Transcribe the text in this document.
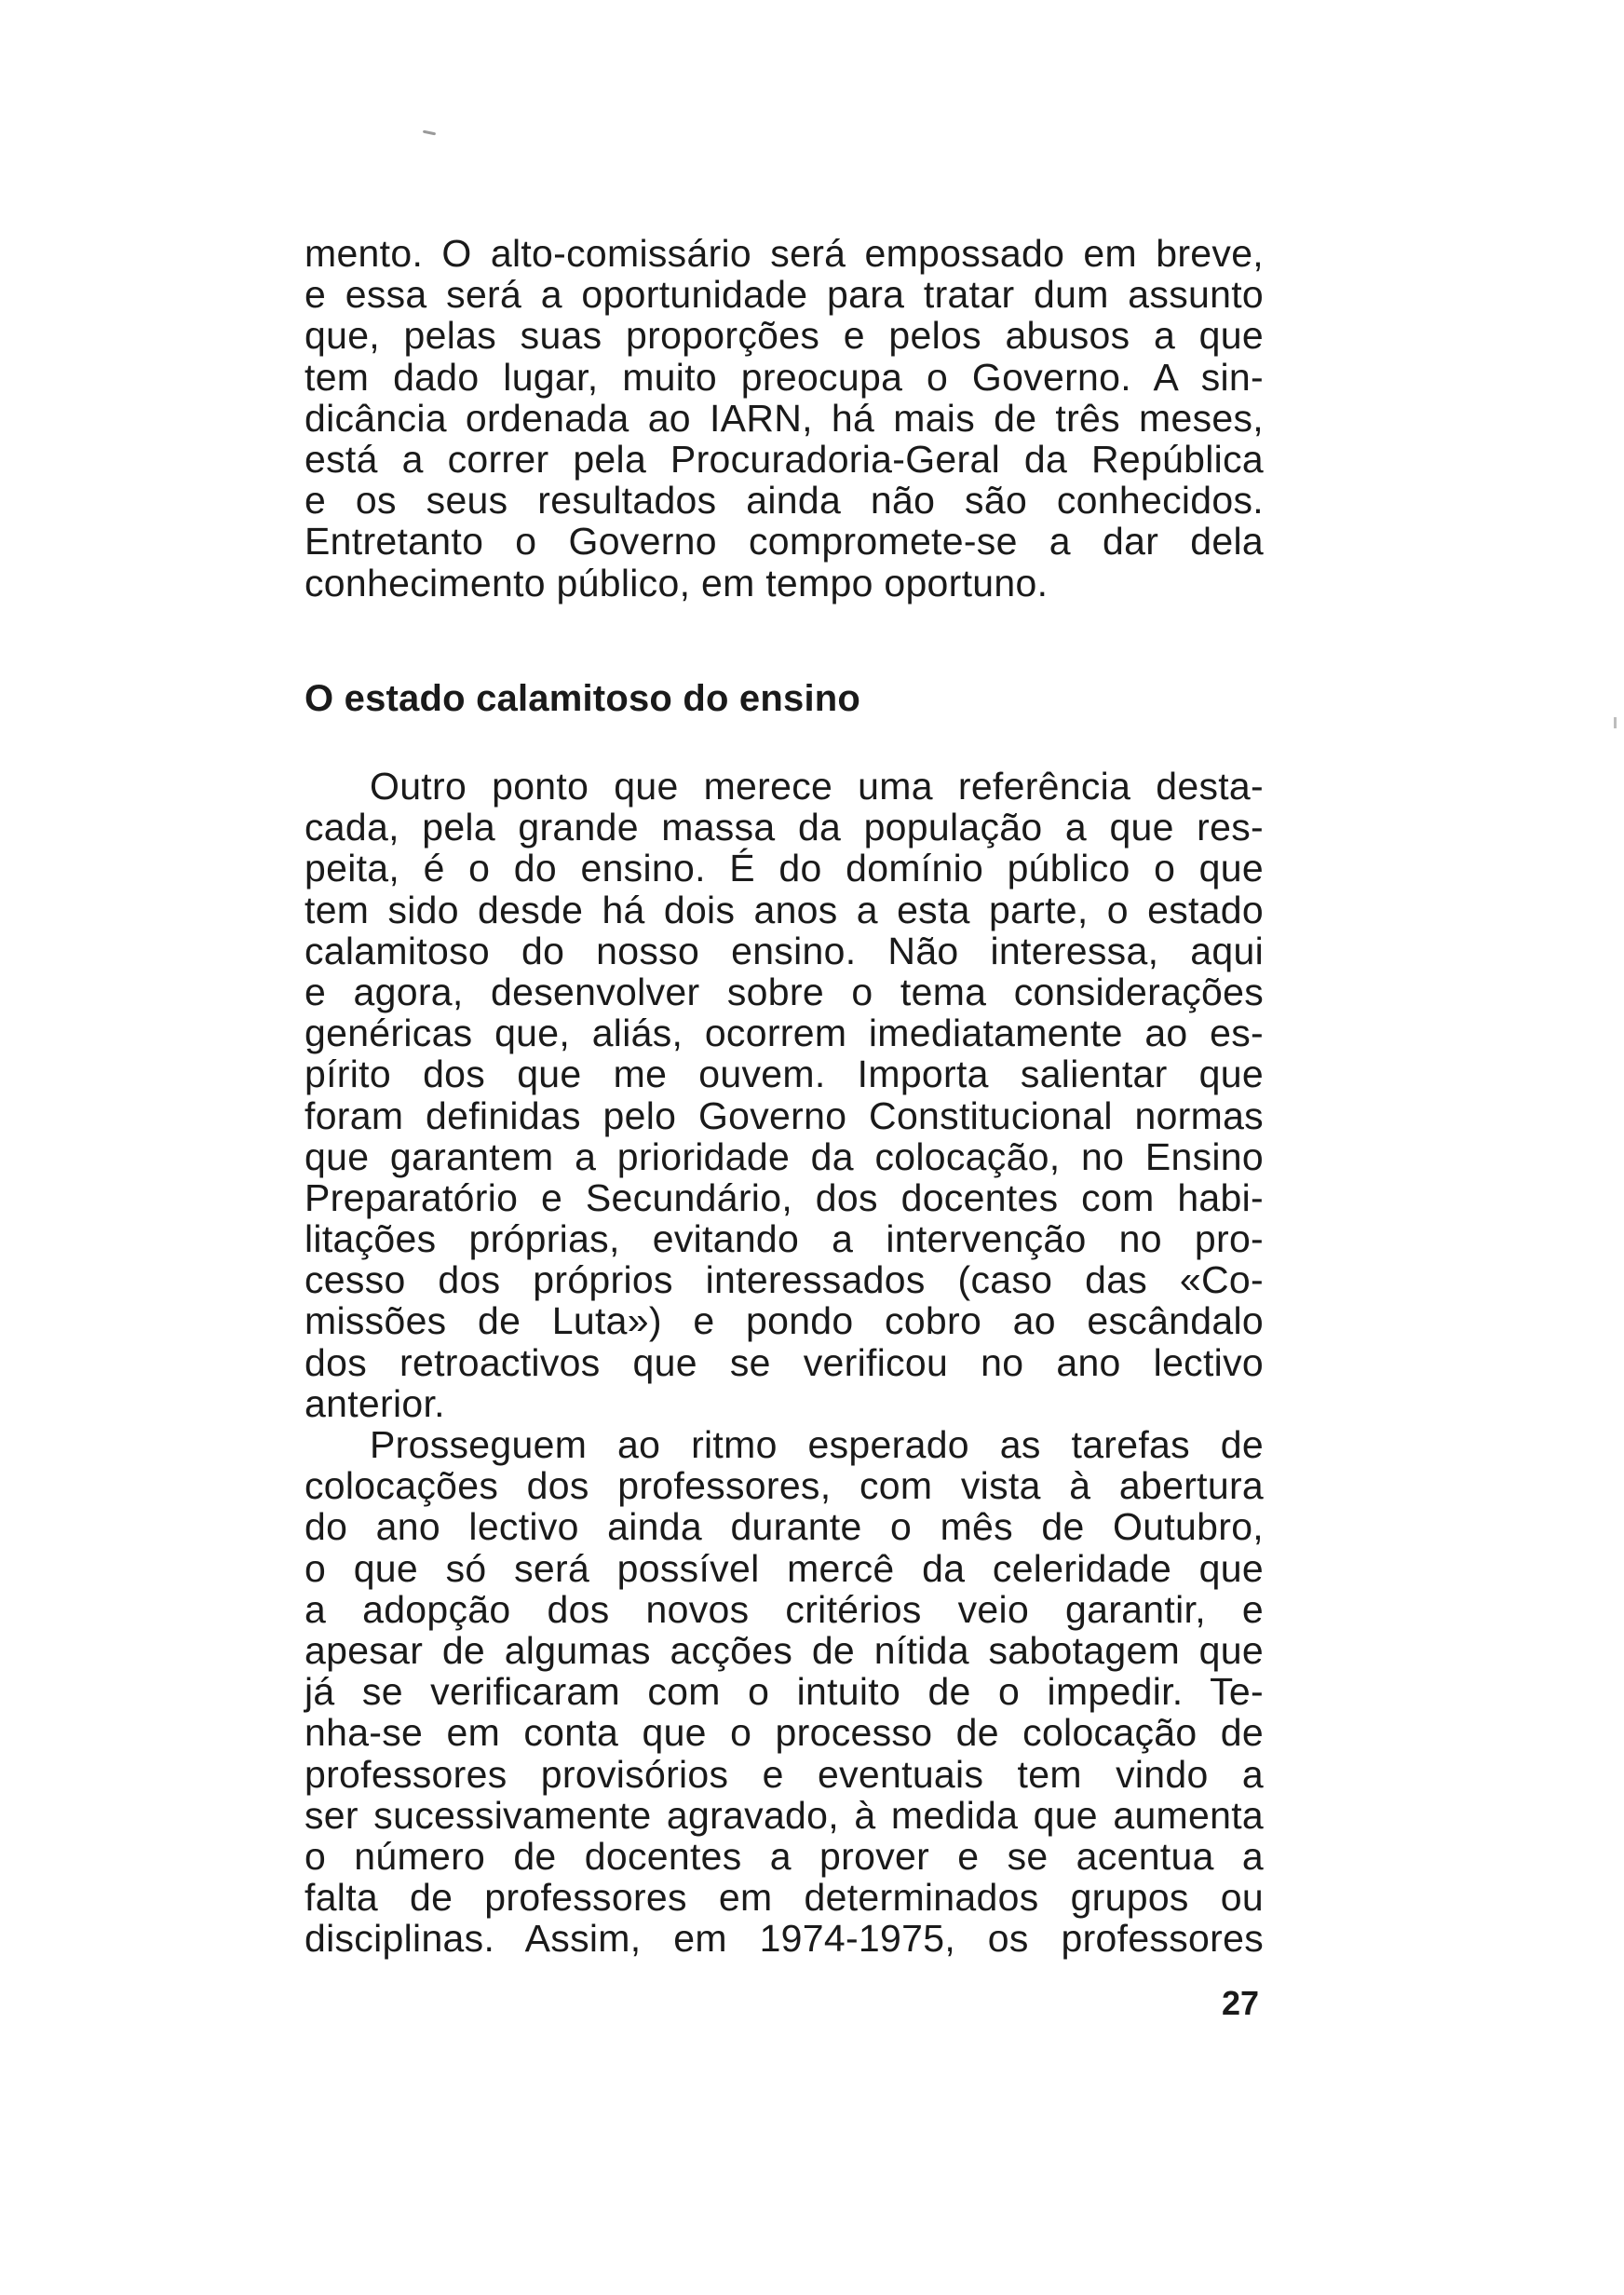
mento. O alto-comissário será empossado em breve,
e essa será a oportunidade para tratar dum assunto
que, pelas suas proporções e pelos abusos a que
tem dado lugar, muito preocupa o Governo. A sin-
dicância ordenada ao IARN, há mais de três meses,
está a correr pela Procuradoria-Geral da República
e os seus resultados ainda não são conhecidos.
Entretanto o Governo compromete-se a dar dela
conhecimento público, em tempo oportuno.
O estado calamitoso do ensino
Outro ponto que merece uma referência desta-
cada, pela grande massa da população a que res-
peita, é o do ensino. É do domínio público o que
tem sido desde há dois anos a esta parte, o estado
calamitoso do nosso ensino. Não interessa, aqui
e agora, desenvolver sobre o tema considerações
genéricas que, aliás, ocorrem imediatamente ao es-
pírito dos que me ouvem. Importa salientar que
foram definidas pelo Governo Constitucional normas
que garantem a prioridade da colocação, no Ensino
Preparatório e Secundário, dos docentes com habi-
litações próprias, evitando a intervenção no pro-
cesso dos próprios interessados (caso das «Co-
missões de Luta») e pondo cobro ao escândalo
dos retroactivos que se verificou no ano lectivo
anterior.
Prosseguem ao ritmo esperado as tarefas de
colocações dos professores, com vista à abertura
do ano lectivo ainda durante o mês de Outubro,
o que só será possível mercê da celeridade que
a adopção dos novos critérios veio garantir, e
apesar de algumas acções de nítida sabotagem que
já se verificaram com o intuito de o impedir. Te-
nha-se em conta que o processo de colocação de
professores provisórios e eventuais tem vindo a
ser sucessivamente agravado, à medida que aumenta
o número de docentes a prover e se acentua a
falta de professores em determinados grupos ou
disciplinas. Assim, em 1974-1975, os professores
27
